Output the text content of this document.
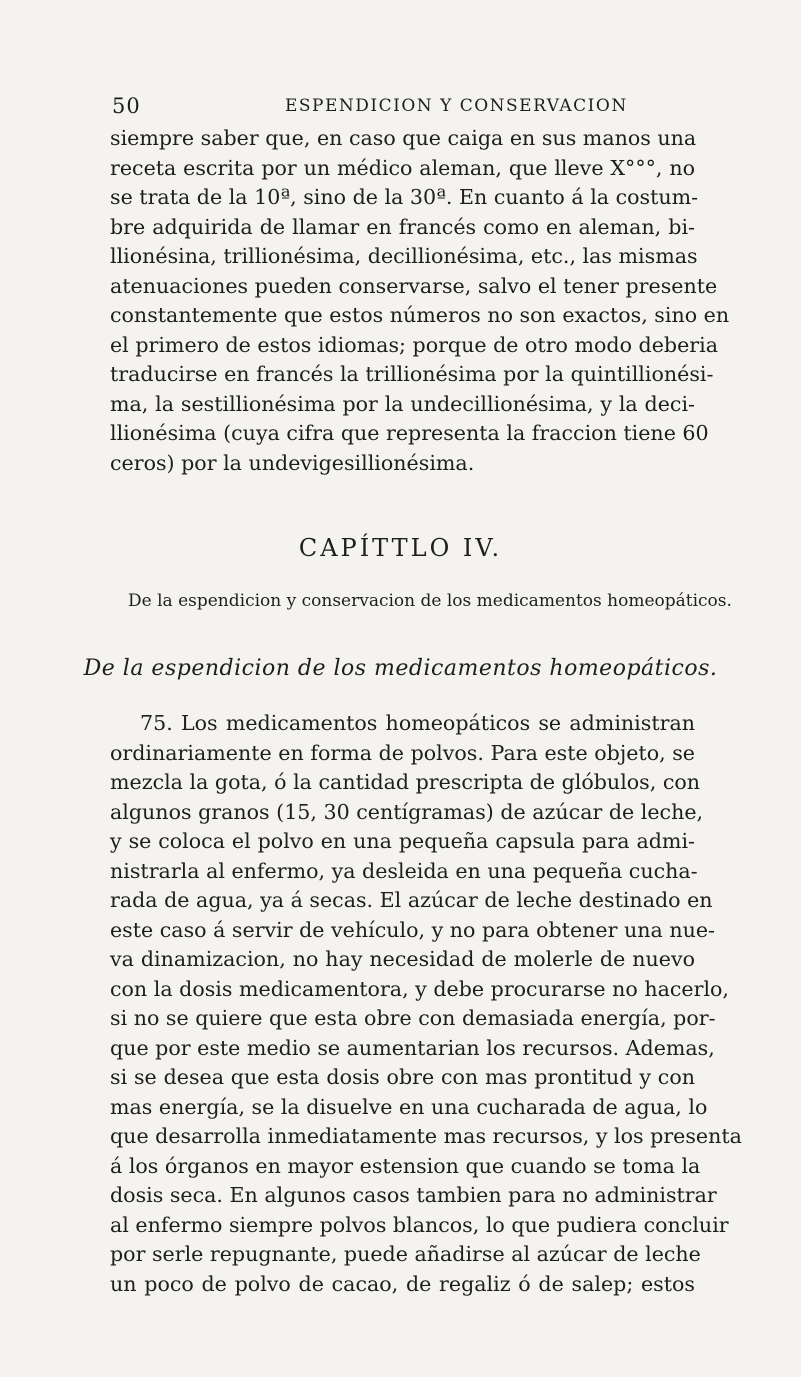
50	ESPENDICION Y CONSERVACION
siempre saber que, en caso que caiga en sus manos una
receta escrita por un médico aleman, que lleve X°°°, no
se trata de la 10ª, sino de la 30ª. En cuanto á la costum-
bre adquirida de llamar en francés como en aleman, bi-
llionésina, trillionésima, decillionésima, etc., las mismas
atenuaciones pueden conservarse, salvo el tener presente
constantemente que estos números no son exactos, sino en
el primero de estos idiomas; porque de otro modo deberia
traducirse en francés la trillionésima por la quintillionési-
ma, la sestillionésima por la undecillionésima, y la deci-
llionésima (cuya cifra que representa la fraccion tiene 60
ceros) por la undevigesillionésima.
CAPÍTTLO IV.
De la espendicion y conservacion de los medicamentos homeopáticos.
De la espendicion de los medicamentos homeopáticos.
75. Los medicamentos homeopáticos se administran
ordinariamente en forma de polvos. Para este objeto, se
mezcla la gota, ó la cantidad prescripta de glóbulos, con
algunos granos (15, 30 centígramas) de azúcar de leche,
y se coloca el polvo en una pequeña capsula para admi-
nistrarla al enfermo, ya desleida en una pequeña cucha-
rada de agua, ya á secas. El azúcar de leche destinado en
este caso á servir de vehículo, y no para obtener una nue-
va dinamizacion, no hay necesidad de molerle de nuevo
con la dosis medicamentora, y debe procurarse no hacerlo,
si no se quiere que esta obre con demasiada energía, por-
que por este medio se aumentarian los recursos. Ademas,
si se desea que esta dosis obre con mas prontitud y con
mas energía, se la disuelve en una cucharada de agua, lo
que desarrolla inmediatamente mas recursos, y los presenta
á los órganos en mayor estension que cuando se toma la
dosis seca. En algunos casos tambien para no administrar
al enfermo siempre polvos blancos, lo que pudiera concluir
por serle repugnante, puede añadirse al azúcar de leche
un poco de polvo de cacao, de regaliz ó de salep; estos
